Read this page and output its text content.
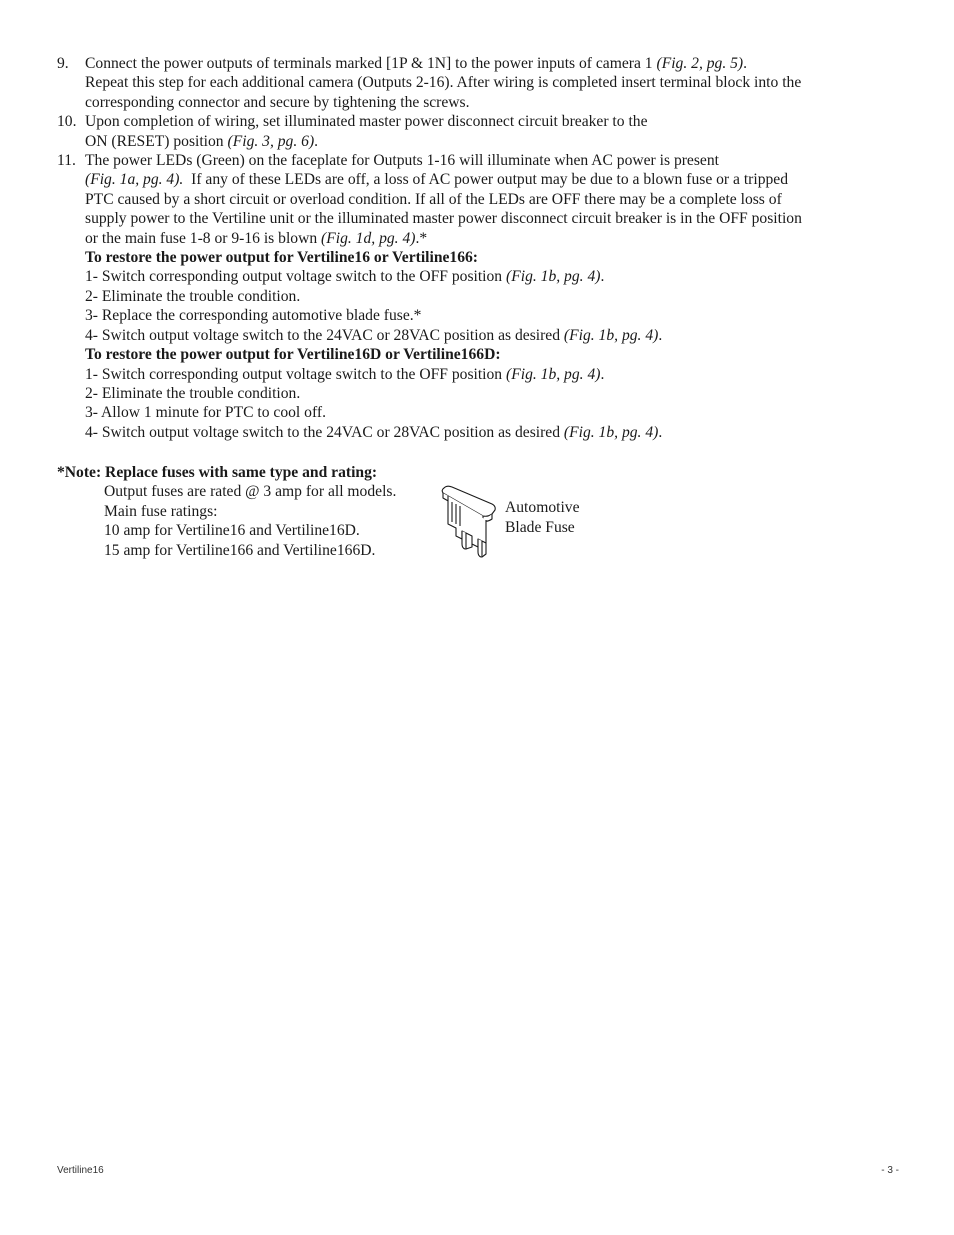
9. Connect the power outputs of terminals marked [1P & 1N] to the power inputs of camera 1 (Fig. 2, pg. 5).
Repeat this step for each additional camera (Outputs 2-16). After wiring is completed insert terminal block into the
corresponding connector and secure by tightening the screws.
10. Upon completion of wiring, set illuminated master power disconnect circuit breaker to the
ON (RESET) position (Fig. 3, pg. 6).
11. The power LEDs (Green) on the faceplate for Outputs 1-16 will illuminate when AC power is present
(Fig. 1a, pg. 4).  If any of these LEDs are off, a loss of AC power output may be due to a blown fuse or a tripped
PTC caused by a short circuit or overload condition. If all of the LEDs are OFF there may be a complete loss of
supply power to the Vertiline unit or the illuminated master power disconnect circuit breaker is in the OFF position
or the main fuse 1-8 or 9-16 is blown (Fig. 1d, pg. 4).*
To restore the power output for Vertiline16 or Vertiline166:
1- Switch corresponding output voltage switch to the OFF position (Fig. 1b, pg. 4).
2- Eliminate the trouble condition.
3- Replace the corresponding automotive blade fuse.*
4- Switch output voltage switch to the 24VAC or 28VAC position as desired (Fig. 1b, pg. 4).
To restore the power output for Vertiline16D or Vertiline166D:
1- Switch corresponding output voltage switch to the OFF position (Fig. 1b, pg. 4).
2- Eliminate the trouble condition.
3- Allow 1 minute for PTC to cool off.
4- Switch output voltage switch to the 24VAC or 28VAC position as desired (Fig. 1b, pg. 4).
*Note: Replace fuses with same type and rating:
Output fuses are rated @ 3 amp for all models.
Main fuse ratings:
10 amp for Vertiline16 and Vertiline16D.
15 amp for Vertiline166 and Vertiline166D.
Automotive
Blade Fuse
Vertiline16	- 3 -
